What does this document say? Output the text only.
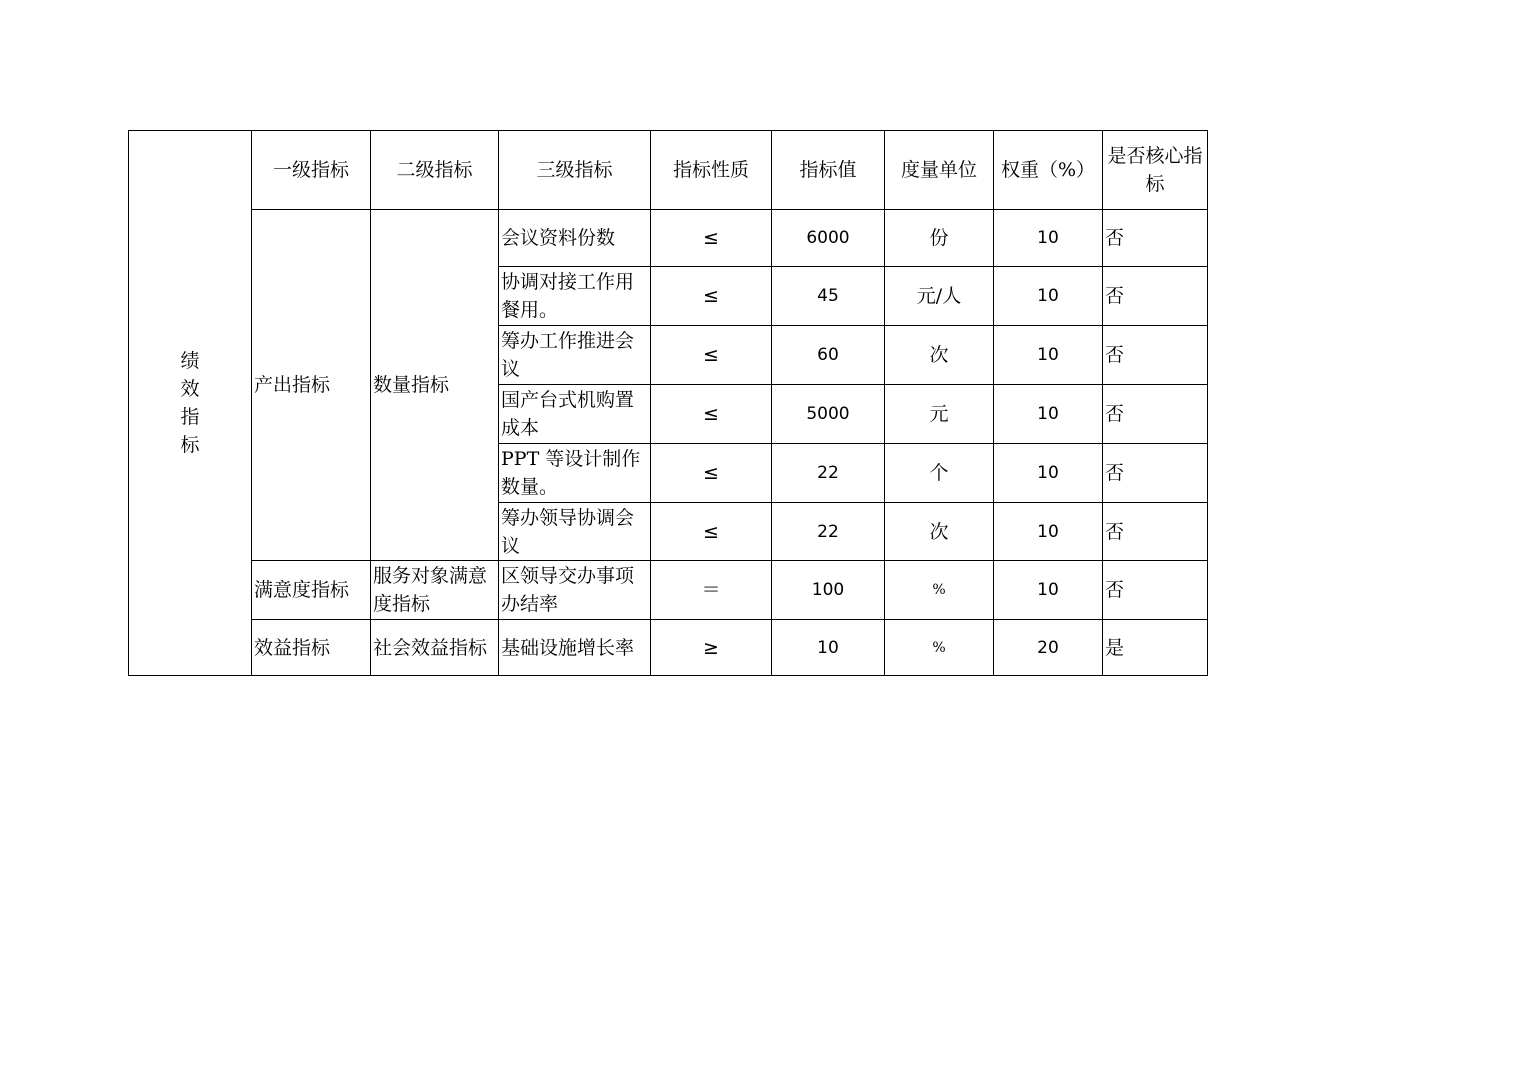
绩
效
指
标	一级指标	二级指标	三级指标	指标性质	指标值	度量单位	权重（%）	是否核心指标
	产出指标	数量指标	会议资料份数	≤	6000	份	10	否
			协调对接工作用餐用。	≤	45	元/人	10	否
			筹办工作推进会议	≤	60	次	10	否
			国产台式机购置成本	≤	5000	元	10	否
			PPT 等设计制作数量。	≤	22	个	10	否
			筹办领导协调会议	≤	22	次	10	否
	满意度指标	服务对象满意度指标	区领导交办事项办结率	＝	100	%	10	否
	效益指标	社会效益指标	基础设施增长率	≥	10	%	20	是
